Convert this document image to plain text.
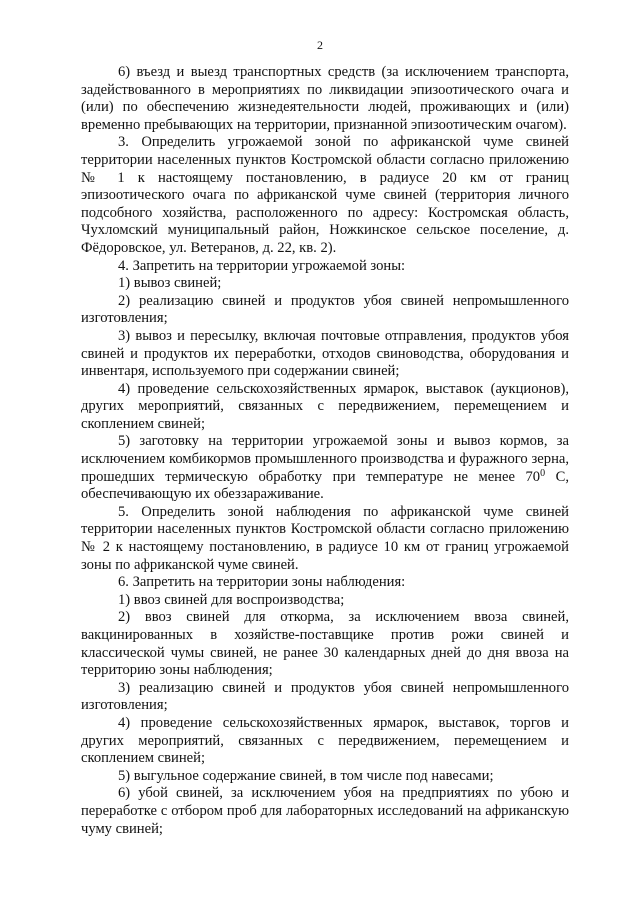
2

6) въезд и выезд транспортных средств (за исключением транспорта, задействованного в мероприятиях по ликвидации эпизоотического очага и (или) по обеспечению жизнедеятельности людей, проживающих и (или) временно пребывающих на территории, признанной эпизоотическим очагом).

3. Определить угрожаемой зоной по африканской чуме свиней территории населенных пунктов Костромской области согласно приложению № 1 к настоящему постановлению, в радиусе 20 км от границ эпизоотического очага по африканской чуме свиней (территория личного подсобного хозяйства, расположенного по адресу: Костромская область, Чухломский муниципальный район, Ножкинское сельское поселение, д. Фёдоровское, ул. Ветеранов, д. 22, кв. 2).

4. Запретить на территории угрожаемой зоны:

1) вывоз свиней;

2) реализацию свиней и продуктов убоя свиней непромышленного изготовления;

3) вывоз и пересылку, включая почтовые отправления, продуктов убоя свиней и продуктов их переработки, отходов свиноводства, оборудования и инвентаря, используемого при содержании свиней;

4) проведение сельскохозяйственных ярмарок, выставок (аукционов), других мероприятий, связанных с передвижением, перемещением и скоплением свиней;

5) заготовку на территории угрожаемой зоны и вывоз кормов, за исключением комбикормов промышленного производства и фуражного зерна, прошедших термическую обработку при температуре не менее $70^0$ С, обеспечивающую их обеззараживание.

5. Определить зоной наблюдения по африканской чуме свиней территории населенных пунктов Костромской области согласно приложению № 2 к настоящему постановлению, в радиусе 10 км от границ угрожаемой зоны по африканской чуме свиней.

6. Запретить на территории зоны наблюдения:

1) ввоз свиней для воспроизводства;

2) ввоз свиней для откорма, за исключением ввоза свиней, вакцинированных в хозяйстве-поставщике против рожи свиней и классической чумы свиней, не ранее 30 календарных дней до дня ввоза на территорию зоны наблюдения;

3) реализацию свиней и продуктов убоя свиней непромышленного изготовления;

4) проведение сельскохозяйственных ярмарок, выставок, торгов и других мероприятий, связанных с передвижением, перемещением и скоплением свиней;

5) выгульное содержание свиней, в том числе под навесами;

6) убой свиней, за исключением убоя на предприятиях по убою и переработке с отбором проб для лабораторных исследований на африканскую чуму свиней;
